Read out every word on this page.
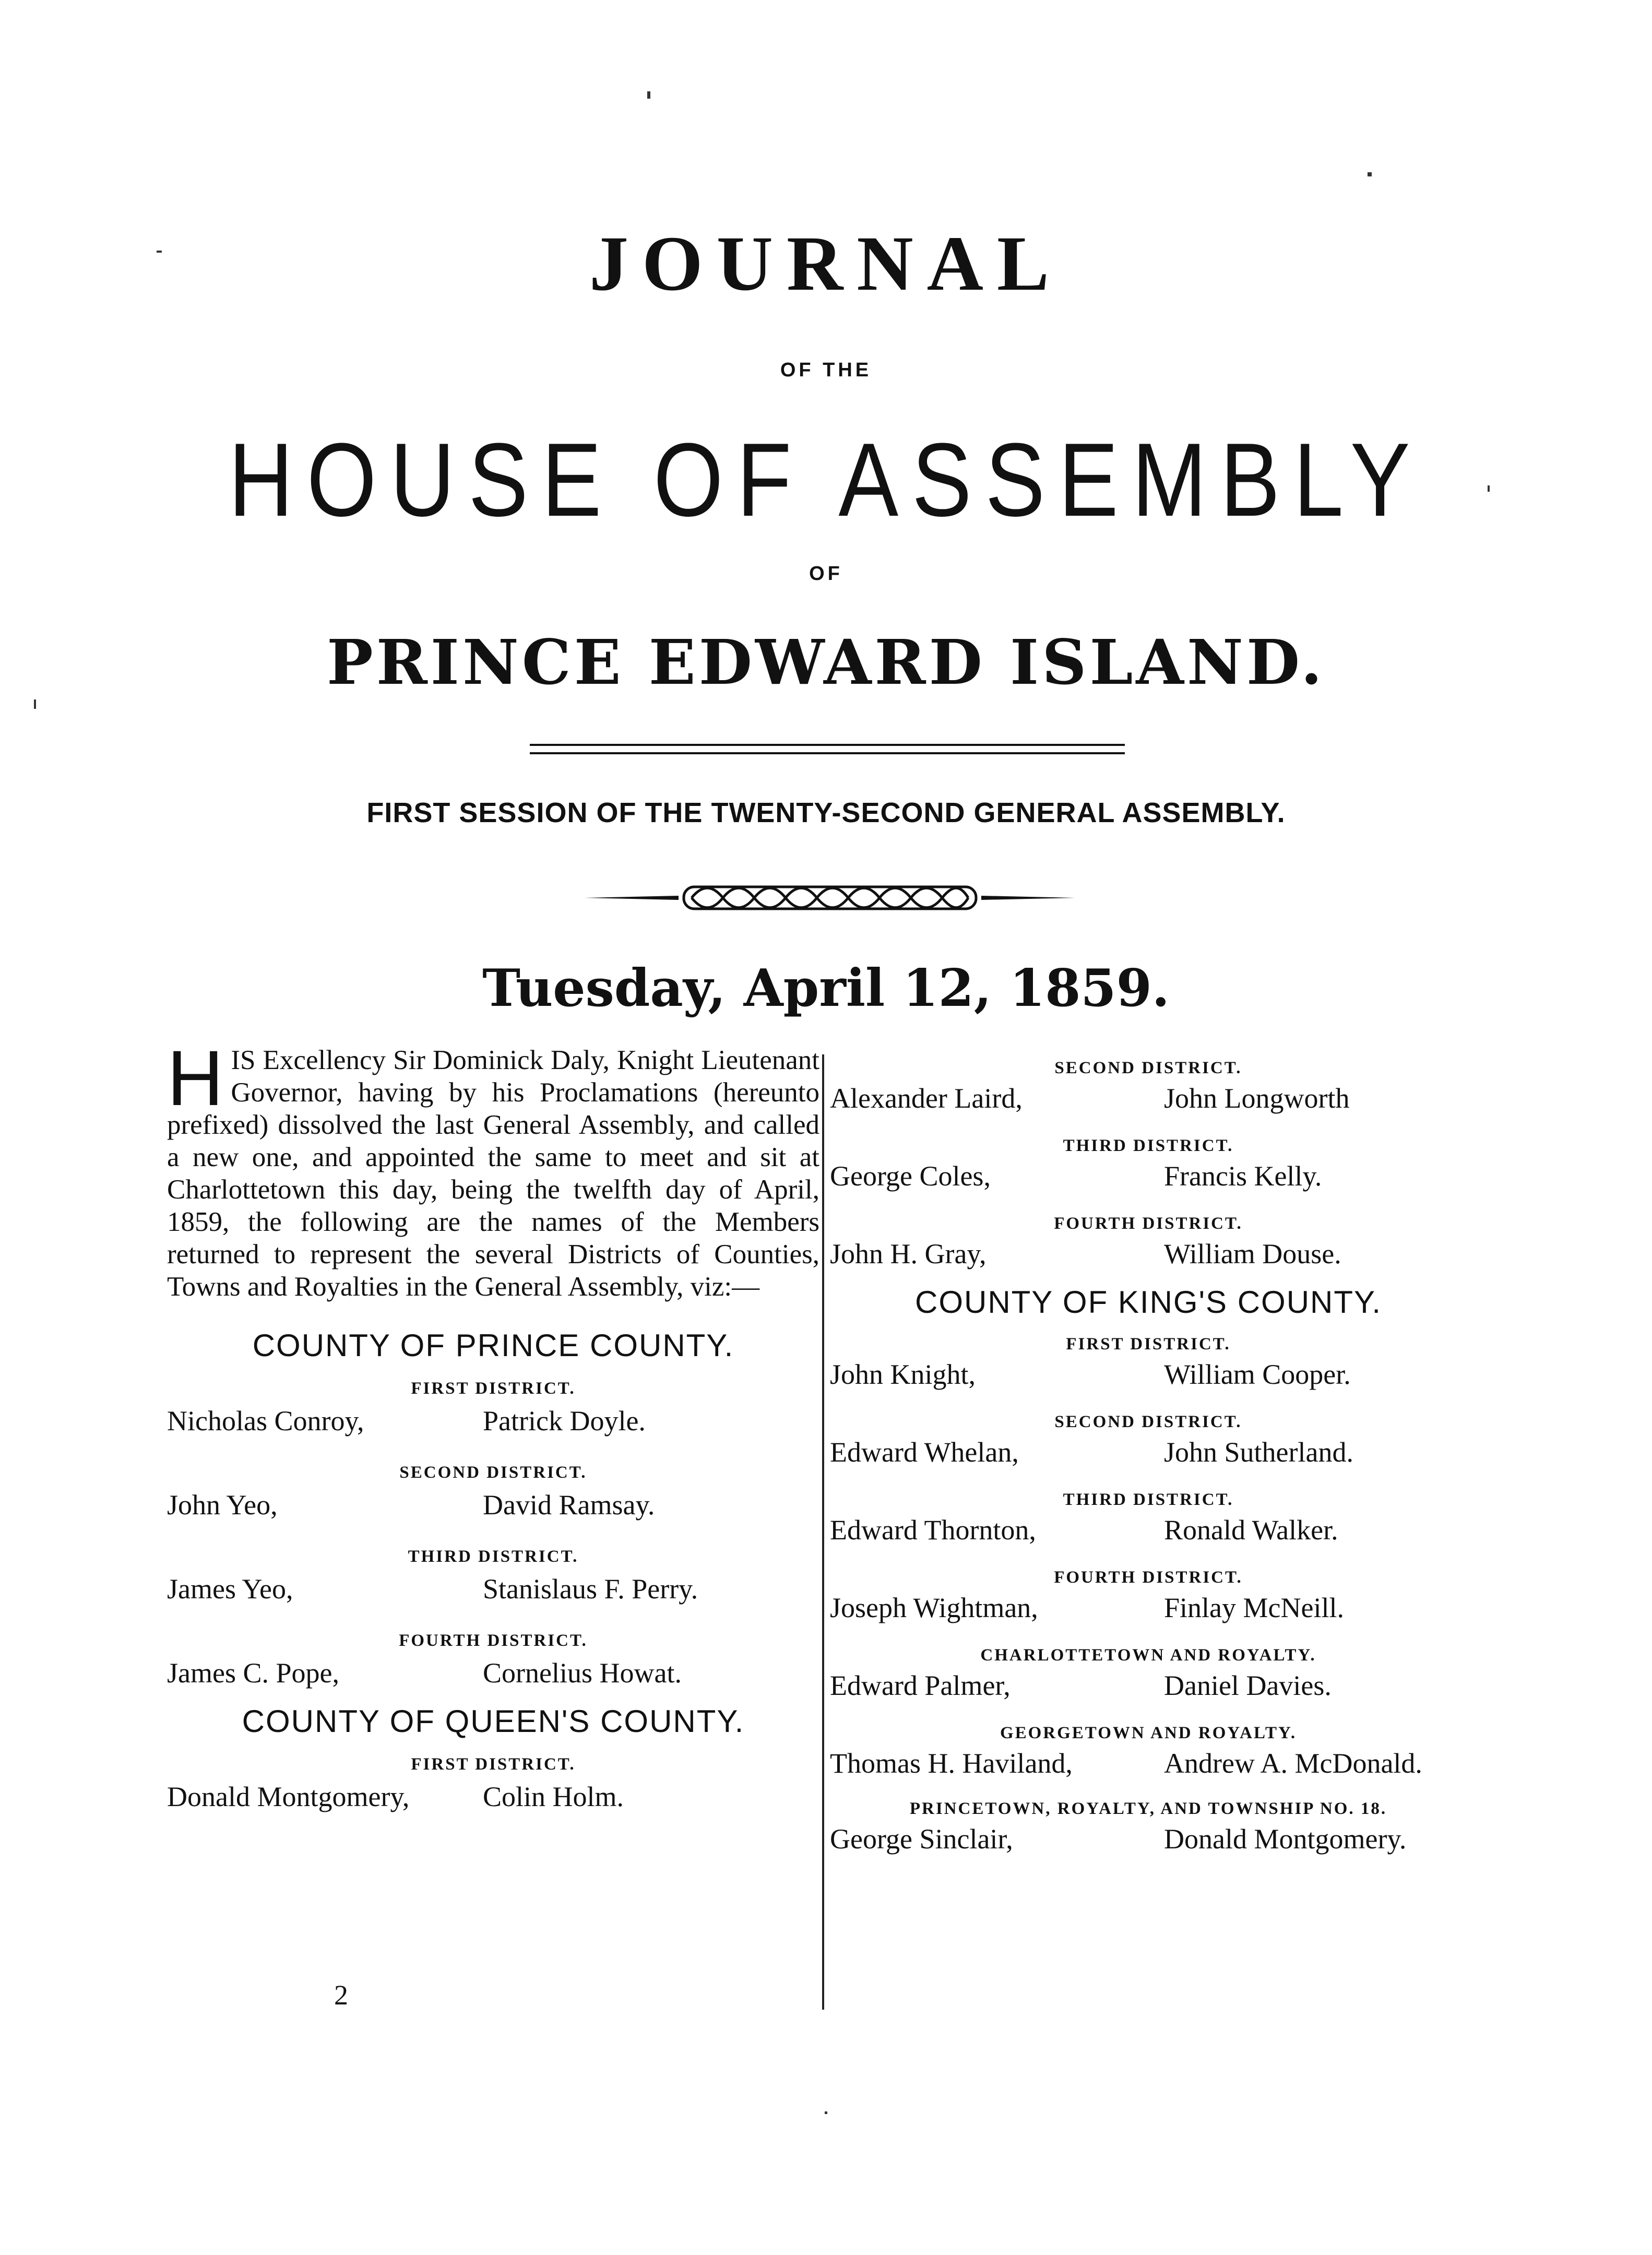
JOURNAL
OF THE
HOUSE OF ASSEMBLY
OF
PRINCE EDWARD ISLAND.
FIRST SESSION OF THE TWENTY-SECOND GENERAL ASSEMBLY.
Tuesday, April 12, 1859.

HIS Excellency Sir Dominick Daly, Knight Lieutenant Governor, having by his Proclamations (hereunto prefixed) dissolved the last General Assembly, and called a new one, and appointed the same to meet and sit at Charlottetown this day, being the twelfth day of April, 1859, the following are the names of the Members returned to represent the several Districts of Counties, Towns and Royalties in the General Assembly, viz:—

COUNTY OF PRINCE COUNTY.

FIRST DISTRICT.

Nicholas Conroy,	Patrick Doyle.

SECOND DISTRICT.

John Yeo,	David Ramsay.

THIRD DISTRICT.

James Yeo,	Stanislaus F. Perry.

FOURTH DISTRICT.

James C. Pope,	Cornelius Howat.

COUNTY OF QUEEN'S COUNTY.

FIRST DISTRICT.

Donald Montgomery,	Colin Holm.

SECOND DISTRICT.

Alexander Laird,	John Longworth

THIRD DISTRICT.

George Coles,	Francis Kelly.

FOURTH DISTRICT.

John H. Gray,	William Douse.

COUNTY OF KING'S COUNTY.

FIRST DISTRICT.

John Knight,	William Cooper.

SECOND DISTRICT.

Edward Whelan,	John Sutherland.

THIRD DISTRICT.

Edward Thornton,	Ronald Walker.

FOURTH DISTRICT.

Joseph Wightman,	Finlay McNeill.

CHARLOTTETOWN AND ROYALTY.

Edward Palmer,	Daniel Davies.

GEORGETOWN AND ROYALTY.

Thomas H. Haviland,	Andrew A. McDonald.

PRINCETOWN, ROYALTY, AND TOWNSHIP NO. 18.

George Sinclair,	Donald Montgomery.
2
